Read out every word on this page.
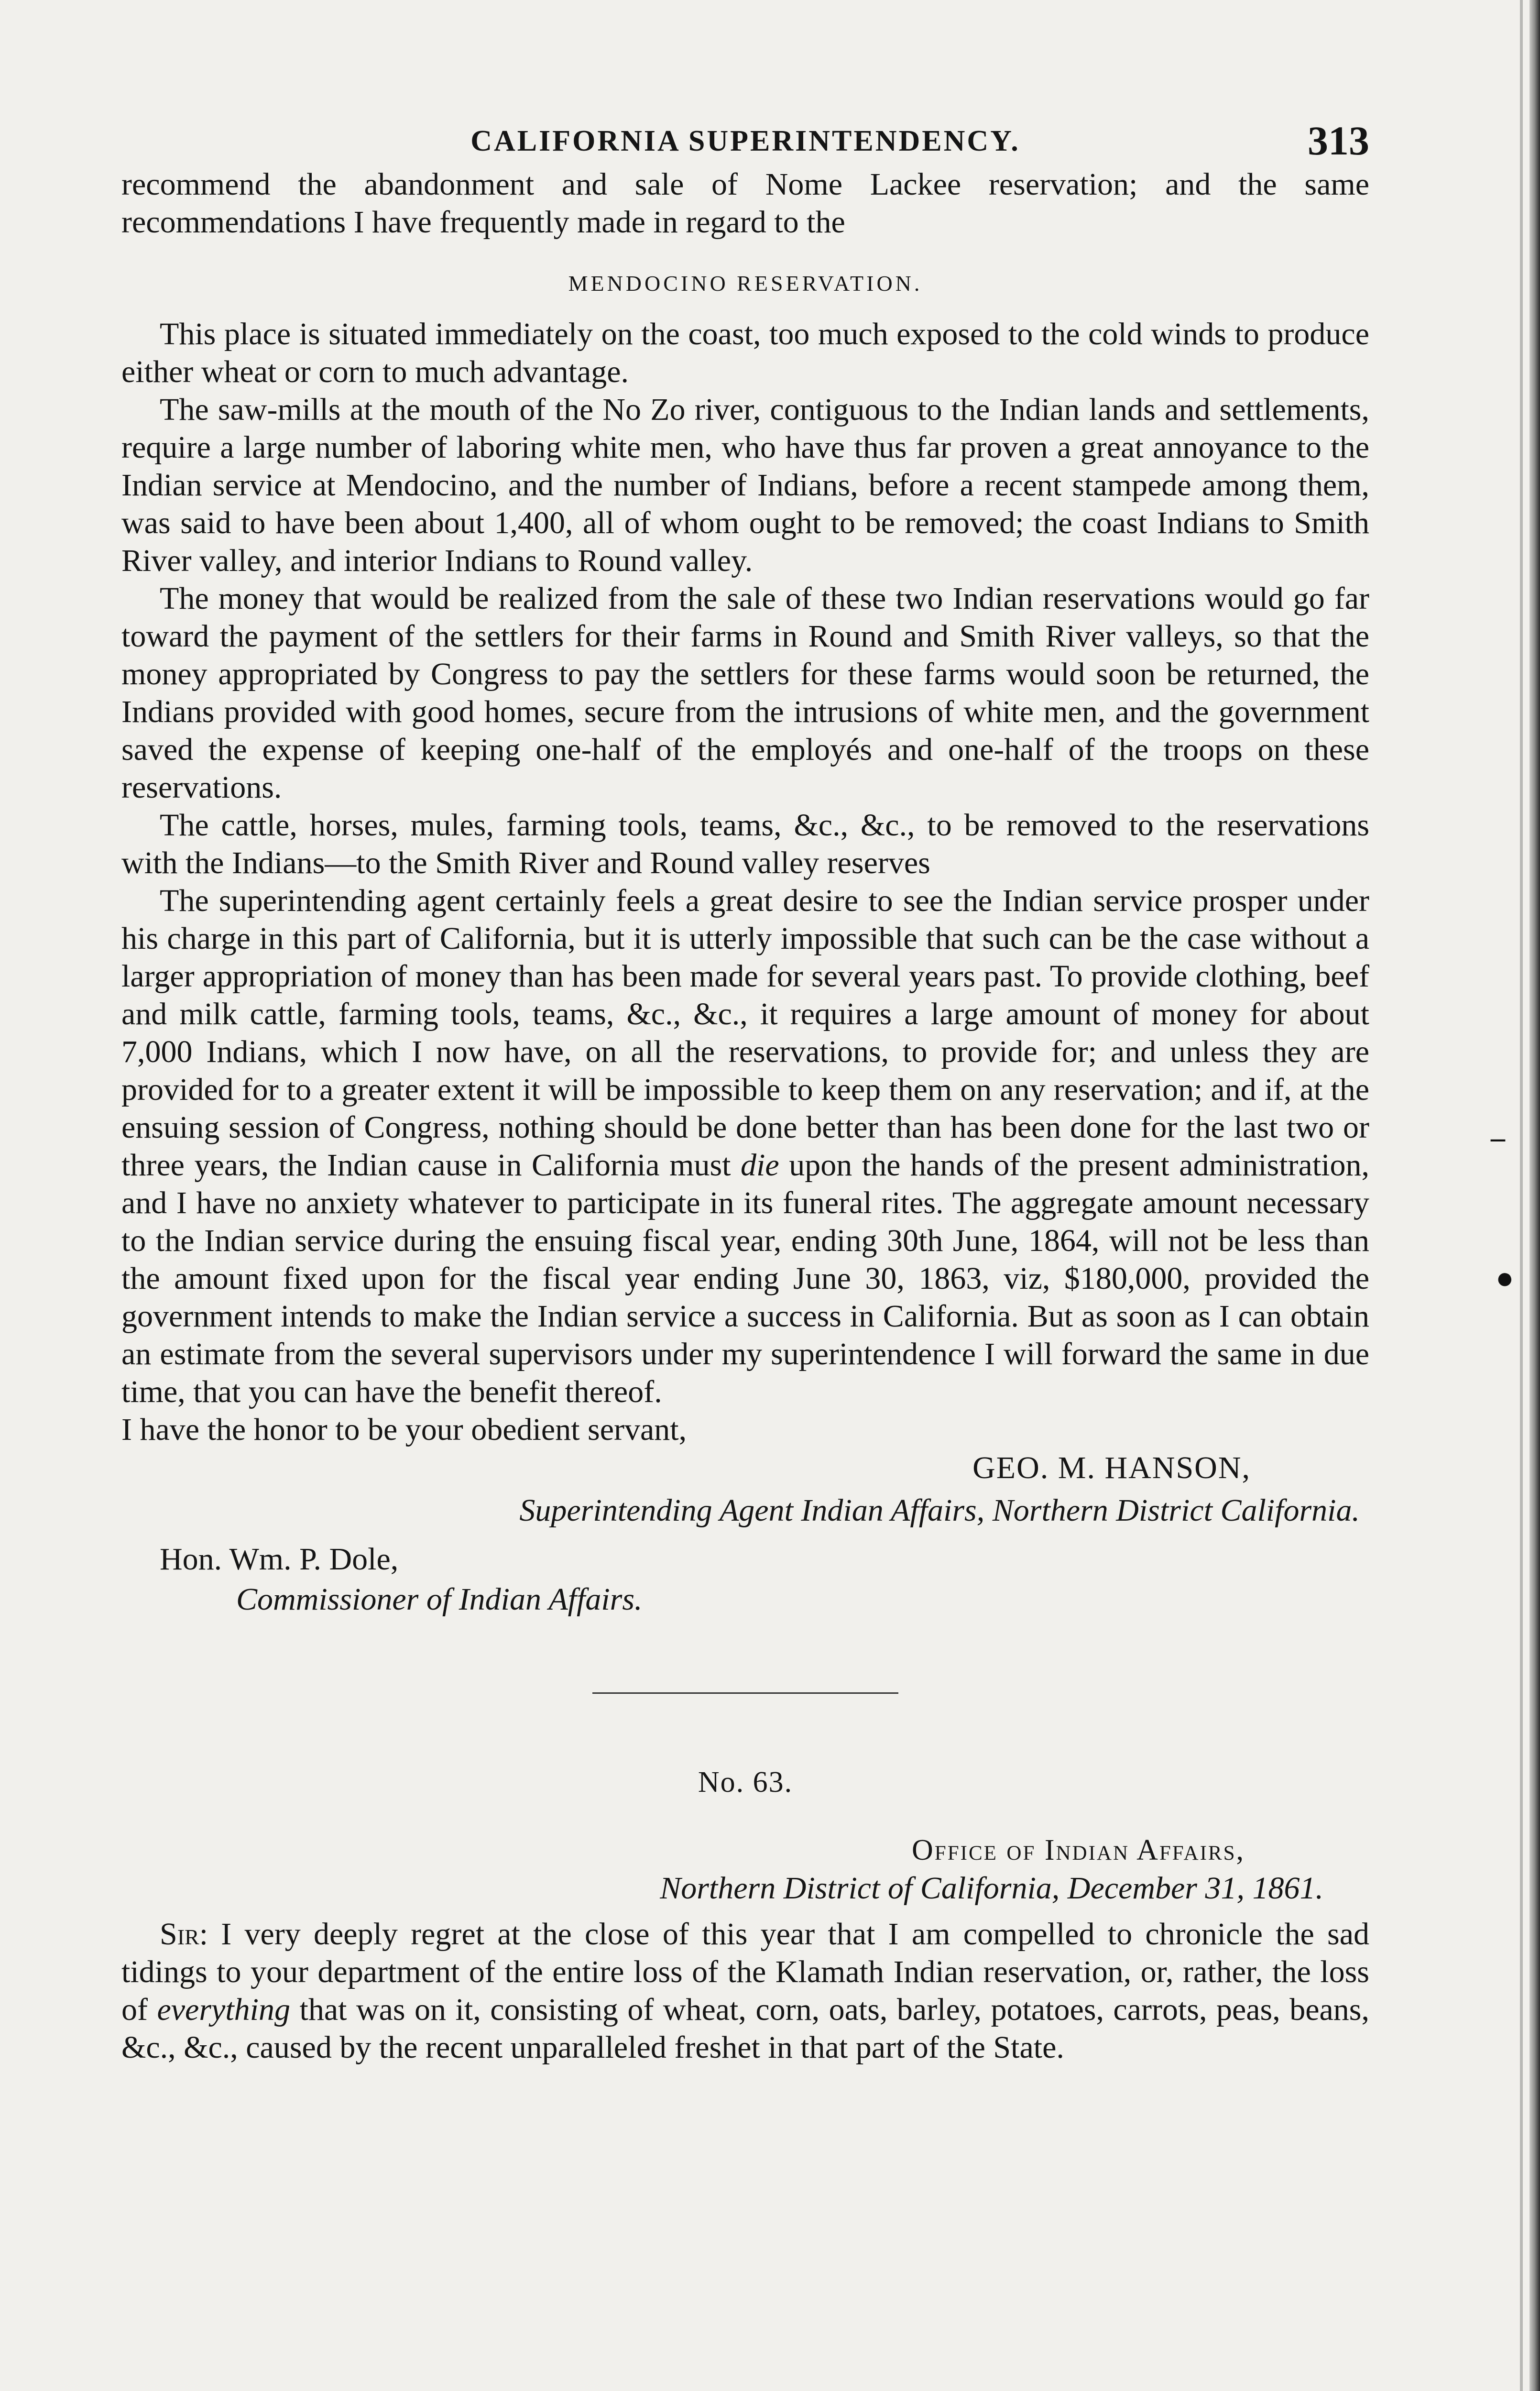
–
●
CALIFORNIA SUPERINTENDENCY.	313

recommend the abandonment and sale of Nome Lackee reservation; and the same recommendations I have frequently made in regard to the

MENDOCINO RESERVATION.

This place is situated immediately on the coast, too much exposed to the cold winds to produce either wheat or corn to much advantage.

The saw-mills at the mouth of the No Zo river, contiguous to the Indian lands and settlements, require a large number of laboring white men, who have thus far proven a great annoyance to the Indian service at Mendocino, and the number of Indians, before a recent stampede among them, was said to have been about 1,400, all of whom ought to be removed; the coast Indians to Smith River valley, and interior Indians to Round valley.

The money that would be realized from the sale of these two Indian reservations would go far toward the payment of the settlers for their farms in Round and Smith River valleys, so that the money appropriated by Congress to pay the settlers for these farms would soon be returned, the Indians provided with good homes, secure from the intrusions of white men, and the government saved the expense of keeping one-half of the employés and one-half of the troops on these reservations.

The cattle, horses, mules, farming tools, teams, &c., &c., to be removed to the reservations with the Indians—to the Smith River and Round valley reserves

The superintending agent certainly feels a great desire to see the Indian service prosper under his charge in this part of California, but it is utterly impossible that such can be the case without a larger appropriation of money than has been made for several years past. To provide clothing, beef and milk cattle, farming tools, teams, &c., &c., it requires a large amount of money for about 7,000 Indians, which I now have, on all the reservations, to provide for; and unless they are provided for to a greater extent it will be impossible to keep them on any reservation; and if, at the ensuing session of Congress, nothing should be done better than has been done for the last two or three years, the Indian cause in California must die upon the hands of the present administration, and I have no anxiety whatever to participate in its funeral rites. The aggregate amount necessary to the Indian service during the ensuing fiscal year, ending 30th June, 1864, will not be less than the amount fixed upon for the fiscal year ending June 30, 1863, viz, $180,000, provided the government intends to make the Indian service a success in California. But as soon as I can obtain an estimate from the several supervisors under my superintendence I will forward the same in due time, that you can have the benefit thereof.

I have the honor to be your obedient servant,

GEO. M. HANSON,
Superintending Agent Indian Affairs, Northern District California.
Hon. Wm. P. Dole,
Commissioner of Indian Affairs.
No. 63.
Office of Indian Affairs,
Northern District of California, December 31, 1861.

Sir: I very deeply regret at the close of this year that I am compelled to chronicle the sad tidings to your department of the entire loss of the Klamath Indian reservation, or, rather, the loss of everything that was on it, consisting of wheat, corn, oats, barley, potatoes, carrots, peas, beans, &c., &c., caused by the recent unparalleled freshet in that part of the State.
